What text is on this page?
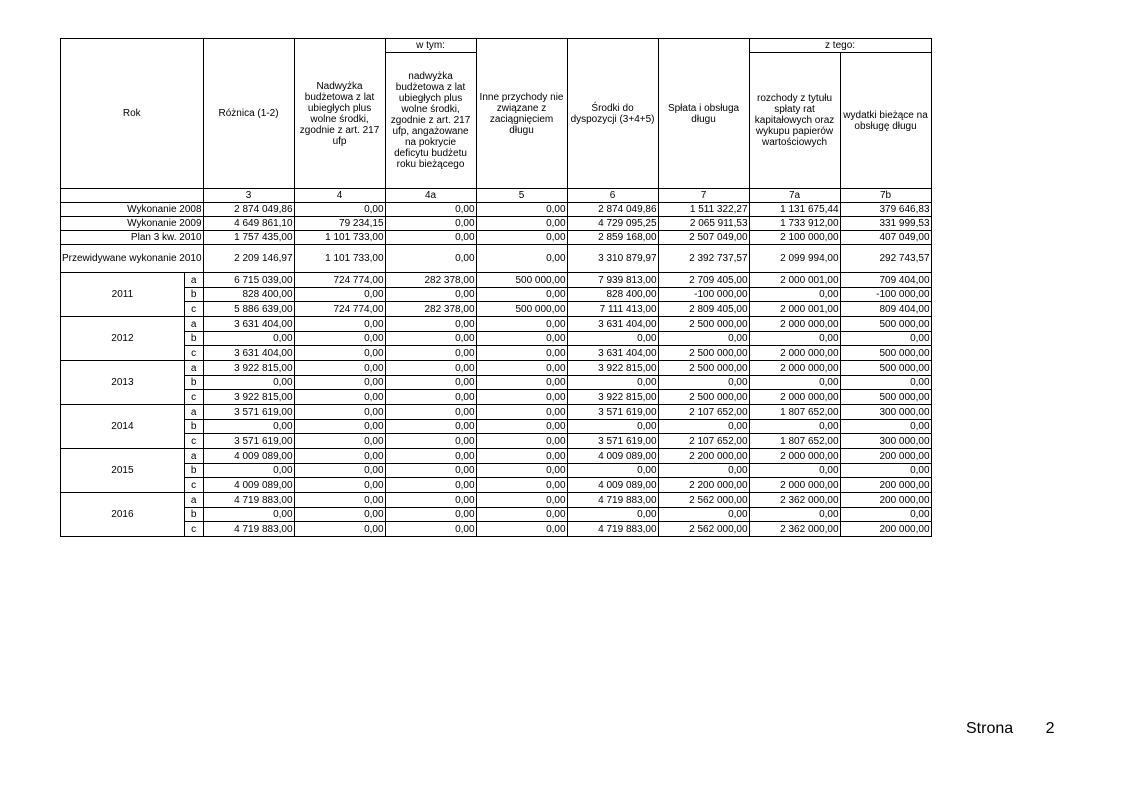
Rok		Różnica (1-2)	Nadwyżka budżetowa z lat ubiegłych plus wolne środki, zgodnie z art. 217 ufp	w tym:	Inne przychody nie związane z zaciągnięciem długu	Środki do dyspozycji (3+4+5)	Spłata i obsługa długu	z tego:	
				nadwyżka budżetowa z lat ubiegłych plus wolne środki, zgodnie z art. 217 ufp, angażowane na pokrycie deficytu budżetu roku bieżącego				rozchody z tytułu spłaty rat kapitałowych oraz wykupu papierów wartościowych	wydatki bieżące na obsługę długu
		3	4	4a	5	6	7	7a	7b
Wykonanie 2008		2 874 049,86	0,00	0,00	0,00	2 874 049,86	1 511 322,27	1 131 675,44	379 646,83
Wykonanie 2009		4 649 861,10	79 234,15	0,00	0,00	4 729 095,25	2 065 911,53	1 733 912,00	331 999,53
Plan 3 kw. 2010		1 757 435,00	1 101 733,00	0,00	0,00	2 859 168,00	2 507 049,00	2 100 000,00	407 049,00
Przewidywane wykonanie 2010		2 209 146,97	1 101 733,00	0,00	0,00	3 310 879,97	2 392 737,57	2 099 994,00	292 743,57
2011	a	6 715 039,00	724 774,00	282 378,00	500 000,00	7 939 813,00	2 709 405,00	2 000 001,00	709 404,00
	b	828 400,00	0,00	0,00	0,00	828 400,00	-100 000,00	0,00	-100 000,00
	c	5 886 639,00	724 774,00	282 378,00	500 000,00	7 111 413,00	2 809 405,00	2 000 001,00	809 404,00
2012	a	3 631 404,00	0,00	0,00	0,00	3 631 404,00	2 500 000,00	2 000 000,00	500 000,00
	b	0,00	0,00	0,00	0,00	0,00	0,00	0,00	0,00
	c	3 631 404,00	0,00	0,00	0,00	3 631 404,00	2 500 000,00	2 000 000,00	500 000,00
2013	a	3 922 815,00	0,00	0,00	0,00	3 922 815,00	2 500 000,00	2 000 000,00	500 000,00
	b	0,00	0,00	0,00	0,00	0,00	0,00	0,00	0,00
	c	3 922 815,00	0,00	0,00	0,00	3 922 815,00	2 500 000,00	2 000 000,00	500 000,00
2014	a	3 571 619,00	0,00	0,00	0,00	3 571 619,00	2 107 652,00	1 807 652,00	300 000,00
	b	0,00	0,00	0,00	0,00	0,00	0,00	0,00	0,00
	c	3 571 619,00	0,00	0,00	0,00	3 571 619,00	2 107 652,00	1 807 652,00	300 000,00
2015	a	4 009 089,00	0,00	0,00	0,00	4 009 089,00	2 200 000,00	2 000 000,00	200 000,00
	b	0,00	0,00	0,00	0,00	0,00	0,00	0,00	0,00
	c	4 009 089,00	0,00	0,00	0,00	4 009 089,00	2 200 000,00	2 000 000,00	200 000,00
2016	a	4 719 883,00	0,00	0,00	0,00	4 719 883,00	2 562 000,00	2 362 000,00	200 000,00
	b	0,00	0,00	0,00	0,00	0,00	0,00	0,00	0,00
	c	4 719 883,00	0,00	0,00	0,00	4 719 883,00	2 562 000,00	2 362 000,00	200 000,00
Strona 2
